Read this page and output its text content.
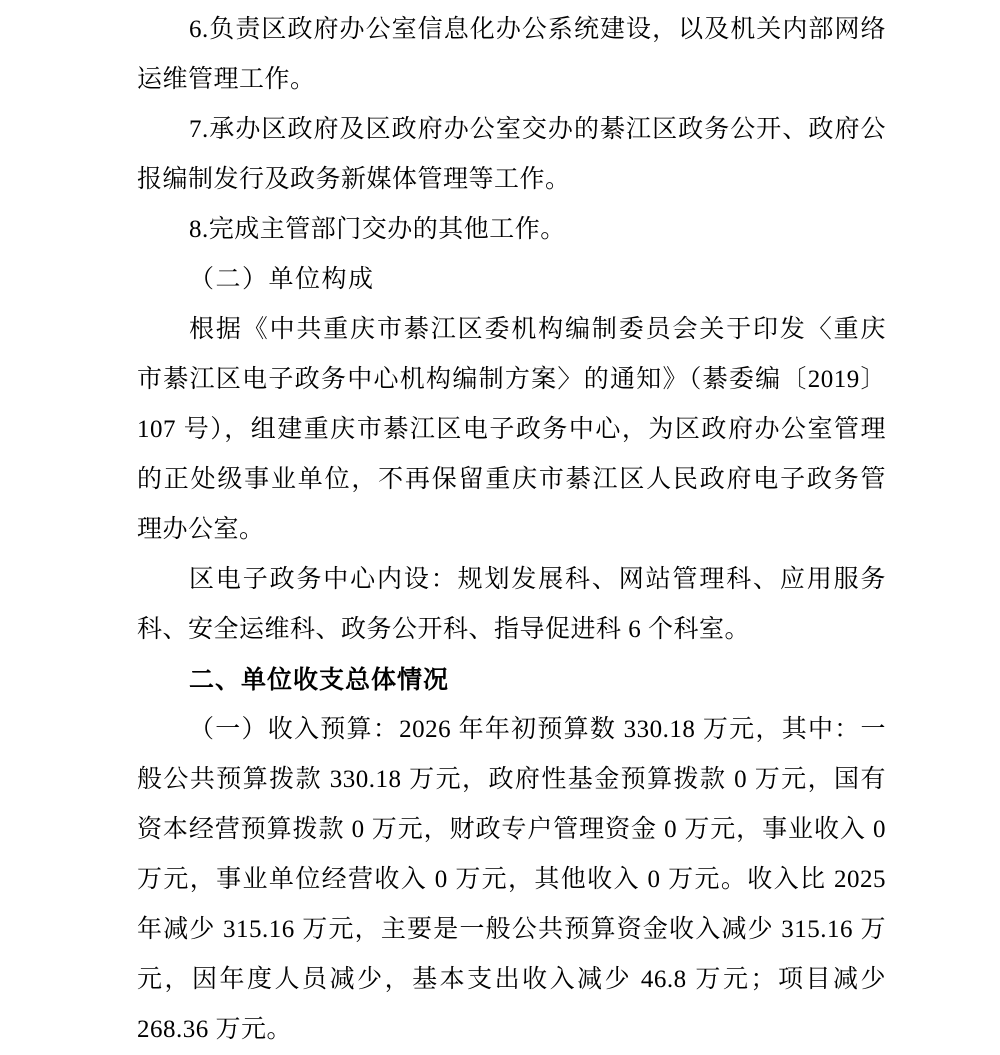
6.负责区政府办公室信息化办公系统建设，以及机关内部网络
运维管理工作。
7.承办区政府及区政府办公室交办的綦江区政务公开、政府公
报编制发行及政务新媒体管理等工作。
8.完成主管部门交办的其他工作。
（二）单位构成
根据《中共重庆市綦江区委机构编制委员会关于印发〈重庆
市綦江区电子政务中心机构编制方案〉的通知》（綦委编〔2019〕
107 号），组建重庆市綦江区电子政务中心，为区政府办公室管理
的正处级事业单位，不再保留重庆市綦江区人民政府电子政务管
理办公室。
区电子政务中心内设：规划发展科、网站管理科、应用服务
科、安全运维科、政务公开科、指导促进科 6 个科室。
二、单位收支总体情况
（一）收入预算：2026 年年初预算数 330.18 万元，其中：一
般公共预算拨款 330.18 万元，政府性基金预算拨款 0 万元，国有
资本经营预算拨款 0 万元，财政专户管理资金 0 万元，事业收入 0
万元，事业单位经营收入 0 万元，其他收入 0 万元。收入比 2025
年减少 315.16 万元，主要是一般公共预算资金收入减少 315.16 万
元，因年度人员减少，基本支出收入减少 46.8 万元；项目减少
268.36 万元。
